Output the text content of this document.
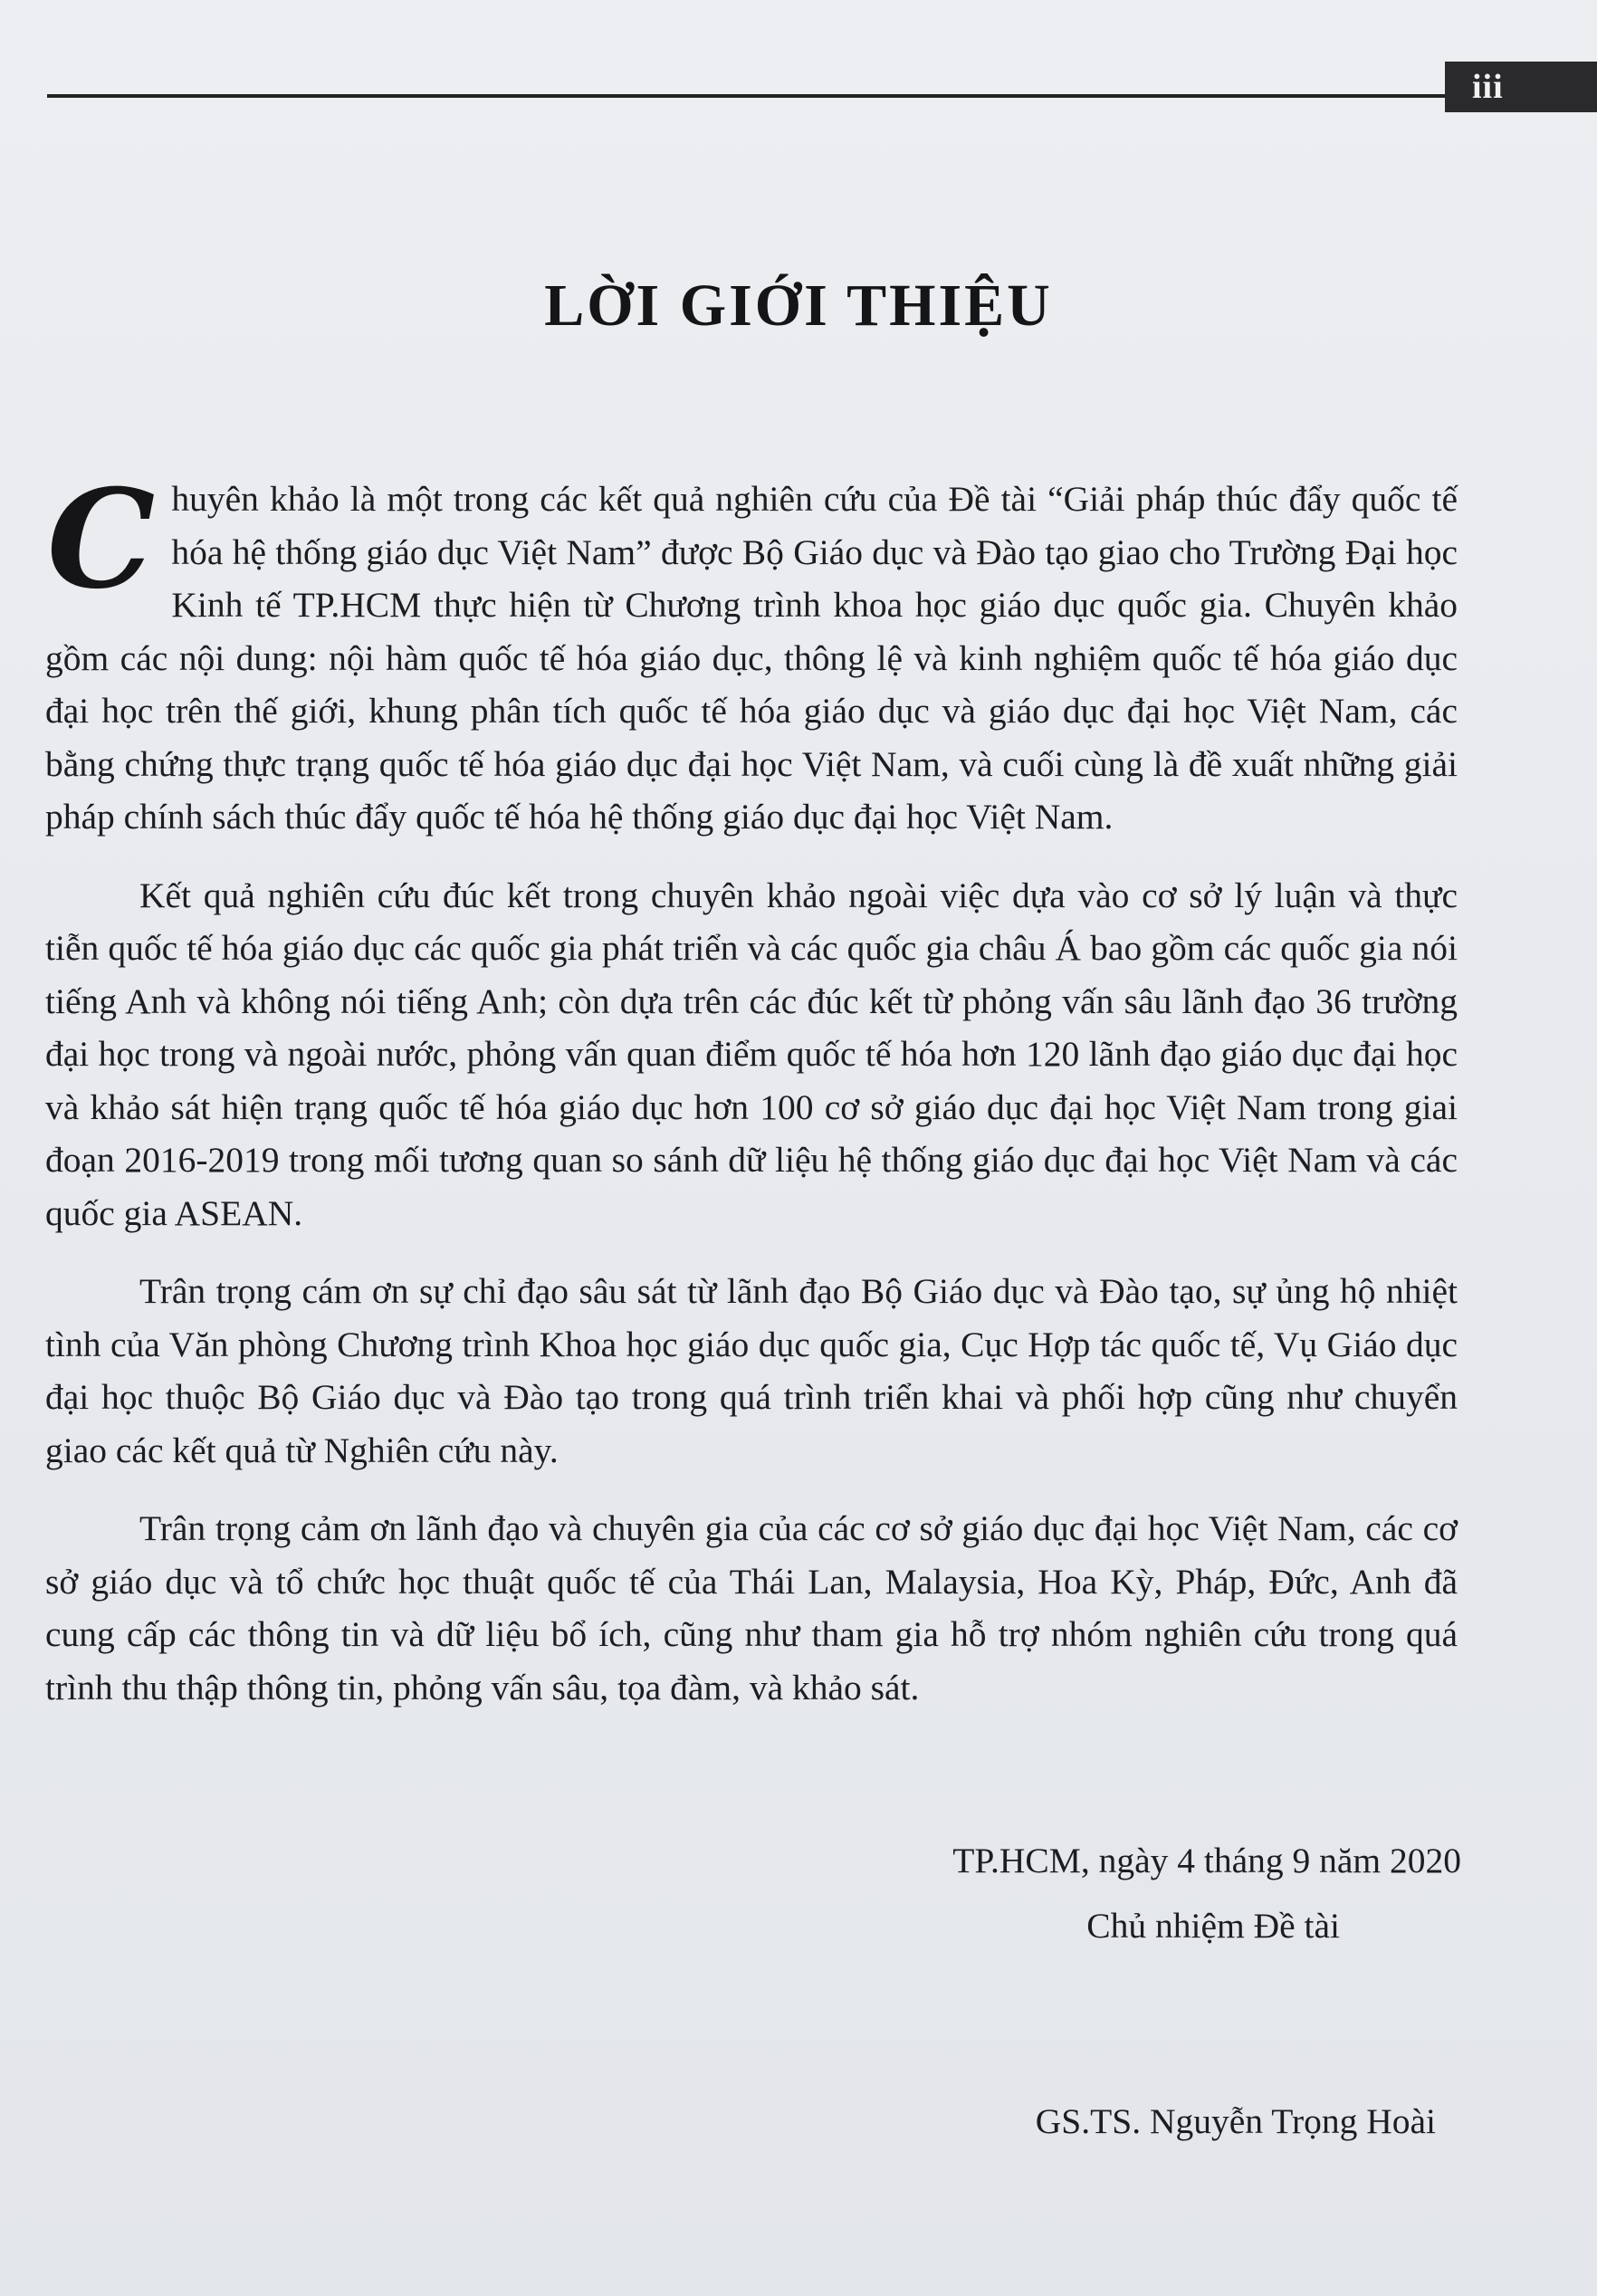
iii
LỜI GIỚI THIỆU

Chuyên khảo là một trong các kết quả nghiên cứu của Đề tài “Giải pháp thúc đẩy quốc tế hóa hệ thống giáo dục Việt Nam” được Bộ Giáo dục và Đào tạo giao cho Trường Đại học Kinh tế TP.HCM thực hiện từ Chương trình khoa học giáo dục quốc gia. Chuyên khảo gồm các nội dung: nội hàm quốc tế hóa giáo dục, thông lệ và kinh nghiệm quốc tế hóa giáo dục đại học trên thế giới, khung phân tích quốc tế hóa giáo dục và giáo dục đại học Việt Nam, các bằng chứng thực trạng quốc tế hóa giáo dục đại học Việt Nam, và cuối cùng là đề xuất những giải pháp chính sách thúc đẩy quốc tế hóa hệ thống giáo dục đại học Việt Nam.

Kết quả nghiên cứu đúc kết trong chuyên khảo ngoài việc dựa vào cơ sở lý luận và thực tiễn quốc tế hóa giáo dục các quốc gia phát triển và các quốc gia châu Á bao gồm các quốc gia nói tiếng Anh và không nói tiếng Anh; còn dựa trên các đúc kết từ phỏng vấn sâu lãnh đạo 36 trường đại học trong và ngoài nước, phỏng vấn quan điểm quốc tế hóa hơn 120 lãnh đạo giáo dục đại học và khảo sát hiện trạng quốc tế hóa giáo dục hơn 100 cơ sở giáo dục đại học Việt Nam trong giai đoạn 2016-2019 trong mối tương quan so sánh dữ liệu hệ thống giáo dục đại học Việt Nam và các quốc gia ASEAN.

Trân trọng cám ơn sự chỉ đạo sâu sát từ lãnh đạo Bộ Giáo dục và Đào tạo, sự ủng hộ nhiệt tình của Văn phòng Chương trình Khoa học giáo dục quốc gia, Cục Hợp tác quốc tế, Vụ Giáo dục đại học thuộc Bộ Giáo dục và Đào tạo trong quá trình triển khai và phối hợp cũng như chuyển giao các kết quả từ Nghiên cứu này.

Trân trọng cảm ơn lãnh đạo và chuyên gia của các cơ sở giáo dục đại học Việt Nam, các cơ sở giáo dục và tổ chức học thuật quốc tế của Thái Lan, Malaysia, Hoa Kỳ, Pháp, Đức, Anh đã cung cấp các thông tin và dữ liệu bổ ích, cũng như tham gia hỗ trợ nhóm nghiên cứu trong quá trình thu thập thông tin, phỏng vấn sâu, tọa đàm, và khảo sát.

TP.HCM, ngày 4 tháng 9 năm 2020
Chủ nhiệm Đề tài
GS.TS. Nguyễn Trọng Hoài
